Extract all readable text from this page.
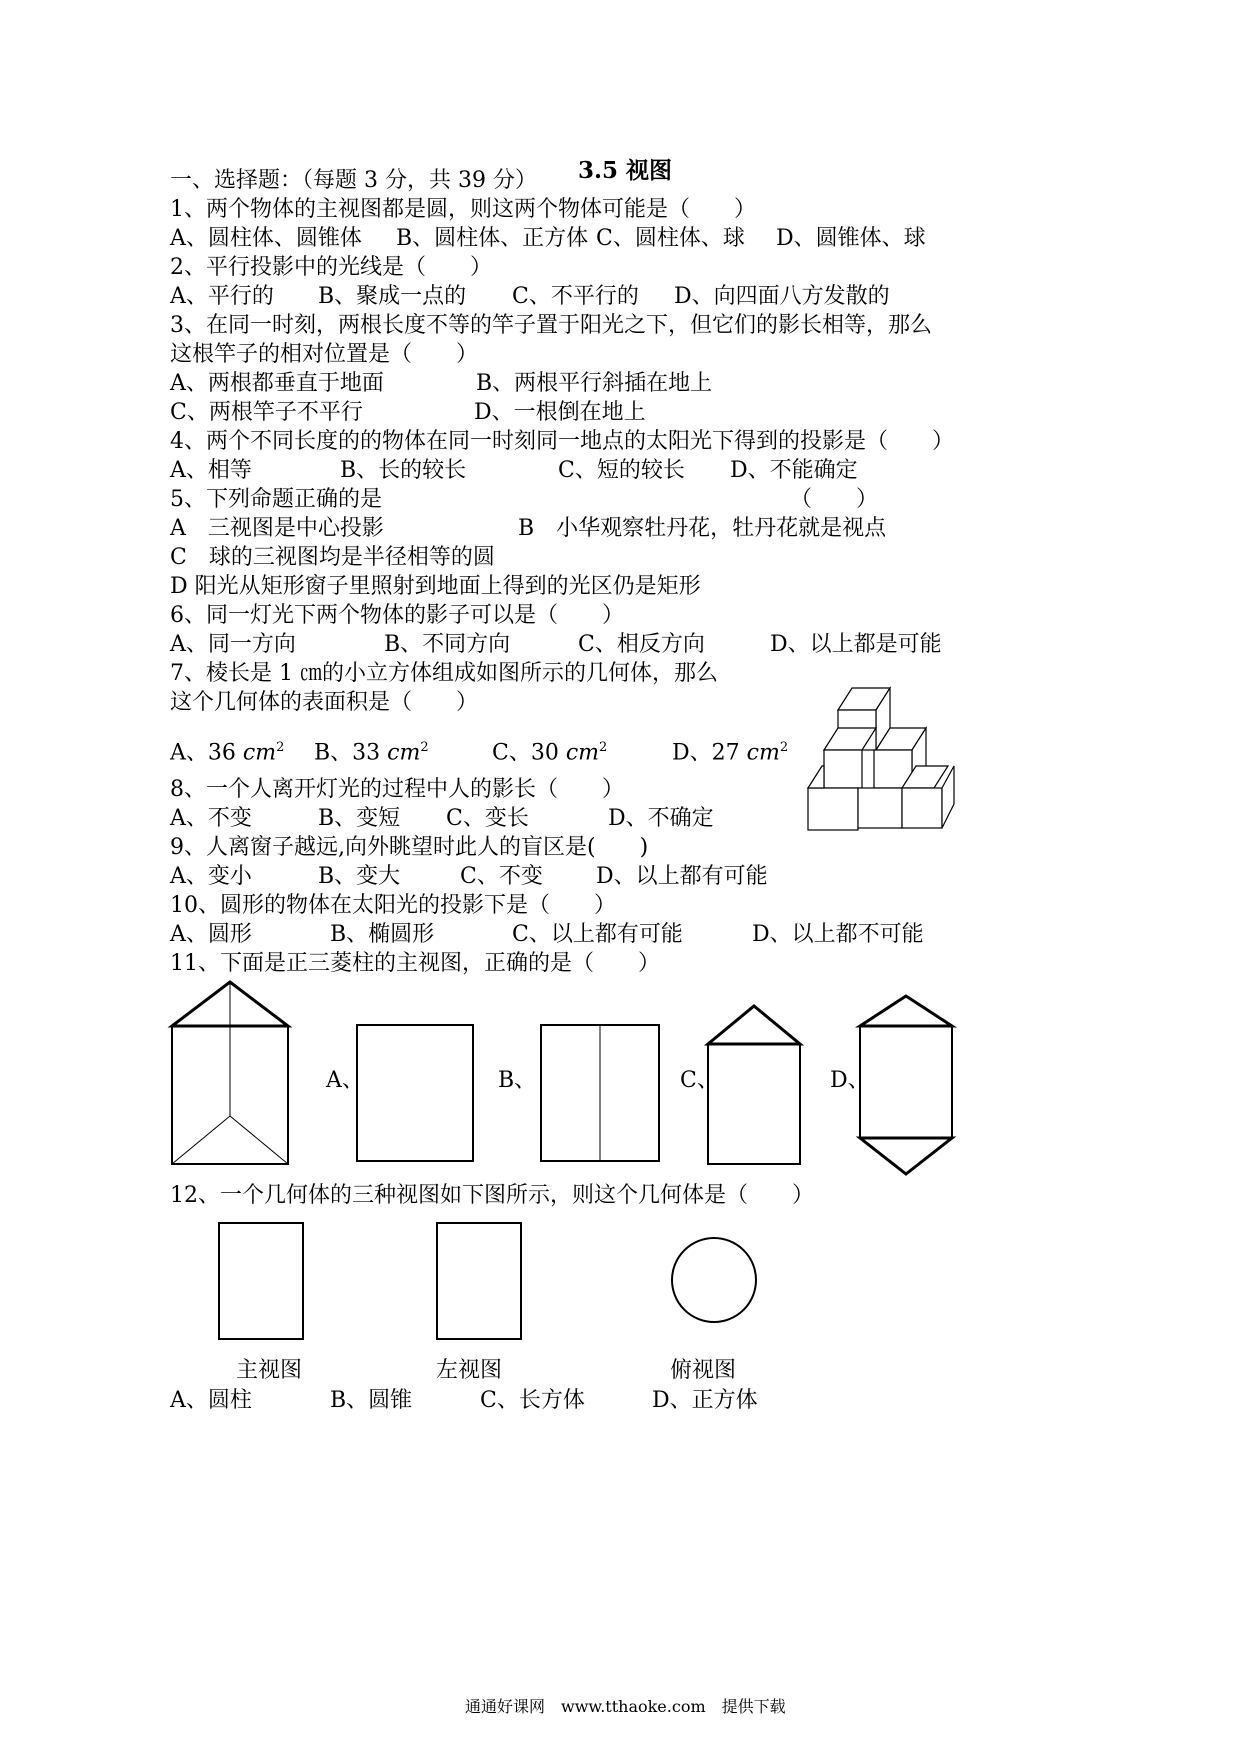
3.5 视图
一、选择题：（每题 3 分，共 39 分）
1、两个物体的主视图都是圆，则这两个物体可能是（　　）
A、圆柱体、圆锥体 B、圆柱体、正方体 C、圆柱体、球 D、圆锥体、球
2、平行投影中的光线是（　　）
A、平行的 B、聚成一点的 C、不平行的 D、向四面八方发散的
3、在同一时刻，两根长度不等的竿子置于阳光之下，但它们的影长相等，那么
这根竿子的相对位置是（　　）
A、两根都垂直于地面	B、两根平行斜插在地上
C、两根竿子不平行	D、一根倒在地上
4、两个不同长度的的物体在同一时刻同一地点的太阳光下得到的投影是（　　）
A、相等	B、长的较长	C、短的较长 D、不能确定
5、下列命题正确的是	（　　）
A　三视图是中心投影	B　小华观察牡丹花，牡丹花就是视点
C　球的三视图均是半径相等的圆
D 阳光从矩形窗子里照射到地面上得到的光区仍是矩形
6、同一灯光下两个物体的影子可以是（　　）
A、同一方向	B、不同方向	C、相反方向	D、以上都是可能
7、棱长是 1 ㎝的小立方体组成如图所示的几何体，那么
这个几何体的表面积是（　　）
A、36 $cm^2$ B、33 $cm^2$	C、30 $cm^2$	D、27 $cm^2$
8、一个人离开灯光的过程中人的影长（　　）
A、不变	B、变短 C、变长	D、不确定
9、人离窗子越远,向外眺望时此人的盲区是(　　)
A、变小	B、变大	C、不变 D、以上都有可能
10、圆形的物体在太阳光的投影下是（　　）
A、圆形	B、椭圆形	C、以上都有可能	D、以上都不可能
11、下面是正三菱柱的主视图，正确的是（　　）
A、	B、	C、	D、
12、一个几何体的三种视图如下图所示，则这个几何体是（　　）
主视图	左视图	俯视图
A、圆柱	B、圆锥	C、长方体	D、正方体
通通好课网　www.tthaoke.com　提供下载
